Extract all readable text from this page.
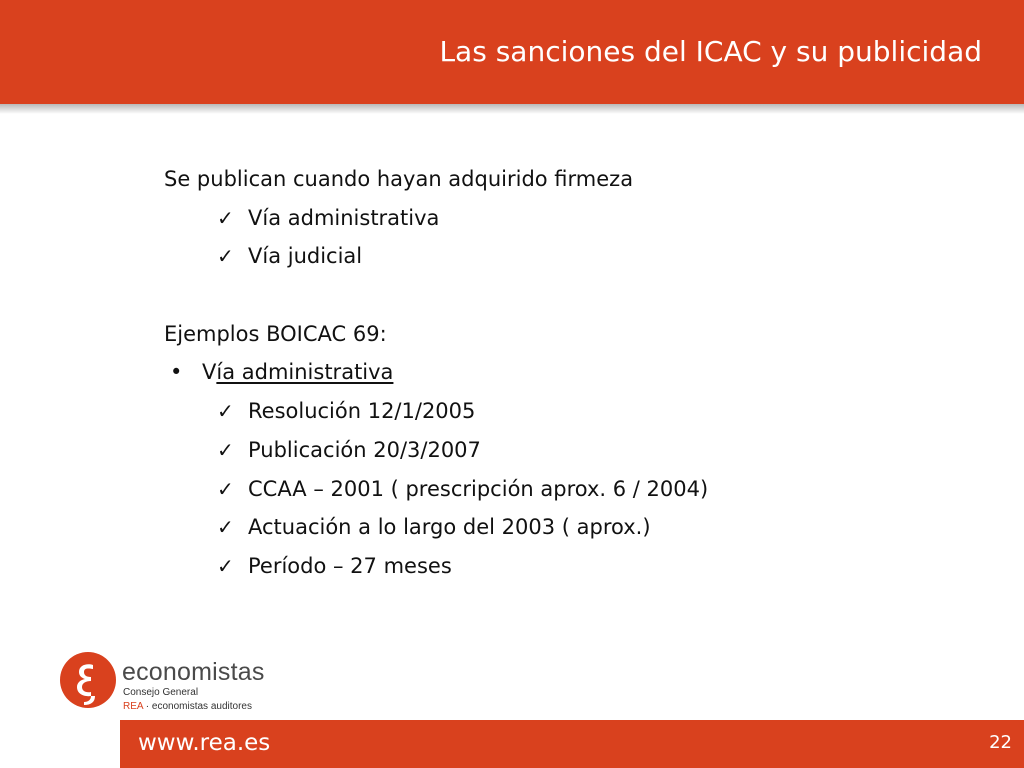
Las sanciones del ICAC y su publicidad
Se publican cuando hayan adquirido firmeza
✓ Vía administrativa
✓ Vía judicial
Ejemplos BOICAC 69:
• Vía administrativa
✓ Resolución 12/1/2005
✓ Publicación 20/3/2007
✓ CCAA – 2001 ( prescripción aprox. 6 / 2004)
✓ Actuación a lo largo del 2003 ( aprox.)
✓ Período – 27 meses
economistas
Consejo General
REA · economistas auditores
www.rea.es	22
